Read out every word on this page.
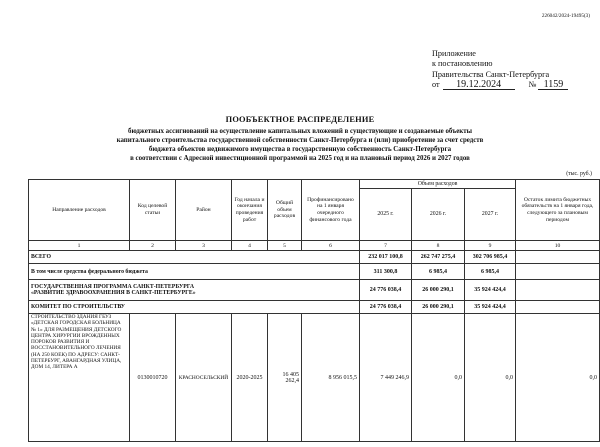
226042/2024-19495(3)
Приложение
к постановлению
Правительства Санкт-Петербурга
от 19.12.2024	№ 1159
ПООБЪЕКТНОЕ РАСПРЕДЕЛЕНИЕ
бюджетных ассигнований на осуществление капитальных вложений в существующие и создаваемые объекты
капитального строительства государственной собственности Санкт-Петербурга и (или) приобретение за счет средств
бюджета объектов недвижимого имущества в государственную собственность Санкт-Петербурга
в соответствии с Адресной инвестиционной программой на 2025 год и на плановый период 2026 и 2027 годов
(тыс. руб.)
Направление расходов	Код целевой статьи	Район	Год начала и окончания проведения работ	Общий объем расходов	Профинансировано на 1 января очередного финансового года	Объем расходов			Остаток лимита бюджетных обязательств на 1 января года, следующего за плановым периодом
						2025 г.	2026 г.	2027 г.	
1	2	3	4	5	6	7	8	9	10
ВСЕГО						232 017 100,8	262 747 275,4	302 706 985,4	
В том числе средства федерального бюджета						311 300,8	6 985,4	6 985,4	

ГОСУДАРСТВЕННАЯ ПРОГРАММА САНКТ-ПЕТЕРБУРГА
«РАЗВИТИЕ ЗДРАВООХРАНЕНИЯ В САНКТ-ПЕТЕРБУРГЕ»						24 776 038,4	26 000 290,1	35 924 424,4	
КОМИТЕТ ПО СТРОИТЕЛЬСТВУ						24 776 038,4	26 000 290,1	35 924 424,4	
СТРОИТЕЛЬСТВО ЗДАНИЯ ГБУЗ «ДЕТСКАЯ ГОРОДСКАЯ БОЛЬНИЦА № 1» ДЛЯ РАЗМЕЩЕНИЯ ДЕТСКОГО ЦЕНТРА ХИРУРГИИ ВРОЖДЕННЫХ ПОРОКОВ РАЗВИТИЯ И ВОССТАНОВИТЕЛЬНОГО ЛЕЧЕНИЯ (НА 250 КОЕК) ПО АДРЕСУ: САНКТ-ПЕТЕРБУРГ, АВАНГАРДНАЯ УЛИЦА, ДОМ 14, ЛИТЕРА А	0130010720	КРАСНОСЕЛЬСКИЙ	2020-2025	16 405 262,4	8 956 015,5	7 449 246,9	0,0	0,0	0,0
